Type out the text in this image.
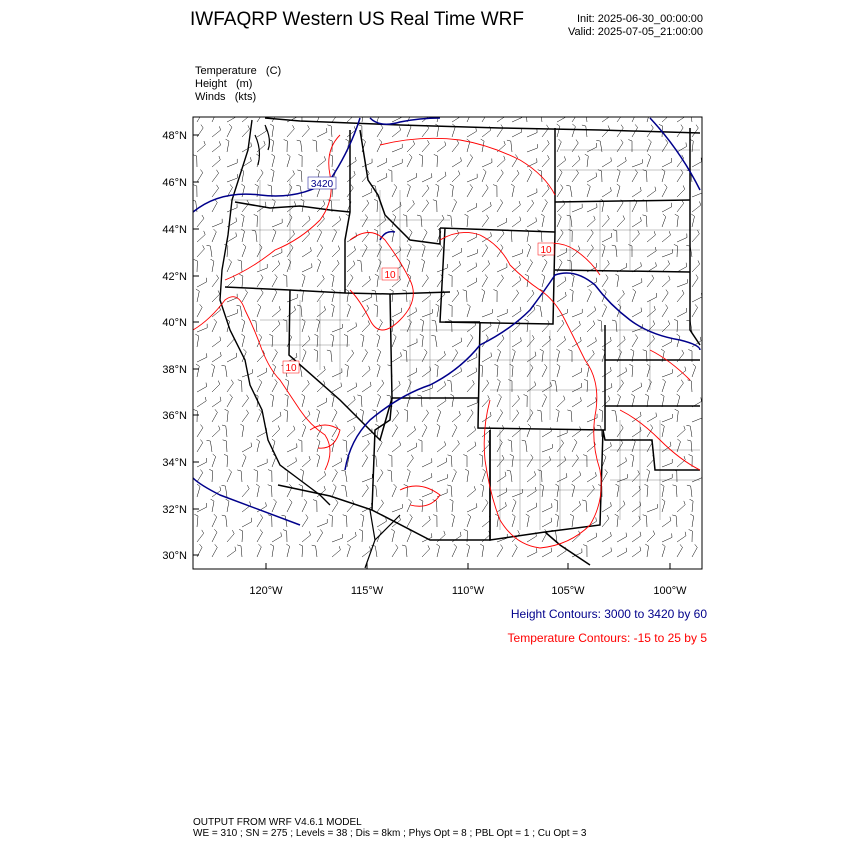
IWFAQRP Western US Real Time WRF	Init: 2025-06-30_00:00:00
Valid: 2025-07-05_21:00:00
Temperature   (C)
Height   (m)
Winds   (kts)
3420
10
10
10
48°N
46°N
44°N
42°N
40°N
38°N
36°N
34°N
32°N
30°N
120°W	115°W	110°W	105°W	100°W
Height Contours: 3000 to 3420 by 60
Temperature Contours: -15 to 25 by 5
OUTPUT FROM WRF V4.6.1 MODEL
WE = 310 ; SN = 275 ; Levels = 38 ; Dis = 8km ; Phys Opt = 8 ; PBL Opt = 1 ; Cu Opt = 3
